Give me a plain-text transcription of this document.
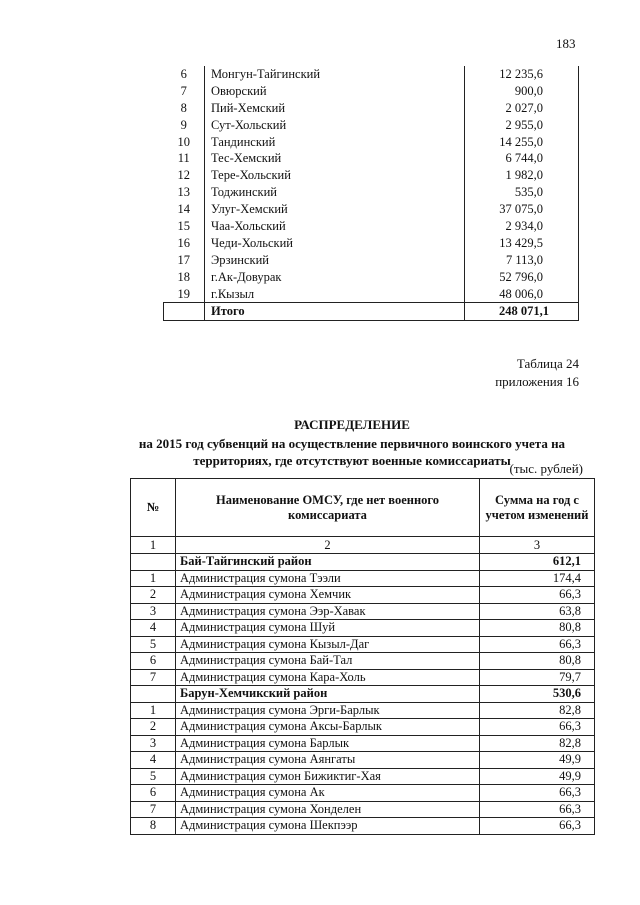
183
6	Монгун-Тайгинский	12 235,6
7	Овюрский	900,0
8	Пий-Хемский	2 027,0
9	Сут-Хольский	2 955,0
10	Тандинский	14 255,0
11	Тес-Хемский	6 744,0
12	Тере-Хольский	1 982,0
13	Тоджинский	535,0
14	Улуг-Хемский	37 075,0
15	Чаа-Хольский	2 934,0
16	Чеди-Хольский	13 429,5
17	Эрзинский	7 113,0
18	г.Ак-Довурак	52 796,0
19	г.Кызыл	48 006,0
	Итого	248 071,1
Таблица 24
приложения 16
РАСПРЕДЕЛЕНИЕ
на 2015 год субвенций на осуществление первичного воинского учета на территориях, где отсутствуют военные комиссариаты
(тыс. рублей)
№	Наименование ОМСУ, где нет военного комиссариата	Сумма на год с учетом изменений
1	2	3
	Бай-Тайгинский район	612,1
1	Администрация сумона Тээли	174,4
2	Администрация сумона Хемчик	66,3
3	Администрация сумона Ээр-Хавак	63,8
4	Администрация сумона Шуй	80,8
5	Администрация сумона Кызыл-Даг	66,3
6	Администрация сумона Бай-Тал	80,8
7	Администрация сумона Кара-Холь	79,7
	Барун-Хемчикский район	530,6
1	Администрация сумона Эрги-Барлык	82,8
2	Администрация сумона Аксы-Барлык	66,3
3	Администрация сумона Барлык	82,8
4	Администрация сумона Аянгаты	49,9
5	Администрация сумон Бижиктиг-Хая	49,9
6	Администрация сумона Ак	66,3
7	Администрация сумона Хонделен	66,3
8	Администрация сумона Шекпээр	66,3
